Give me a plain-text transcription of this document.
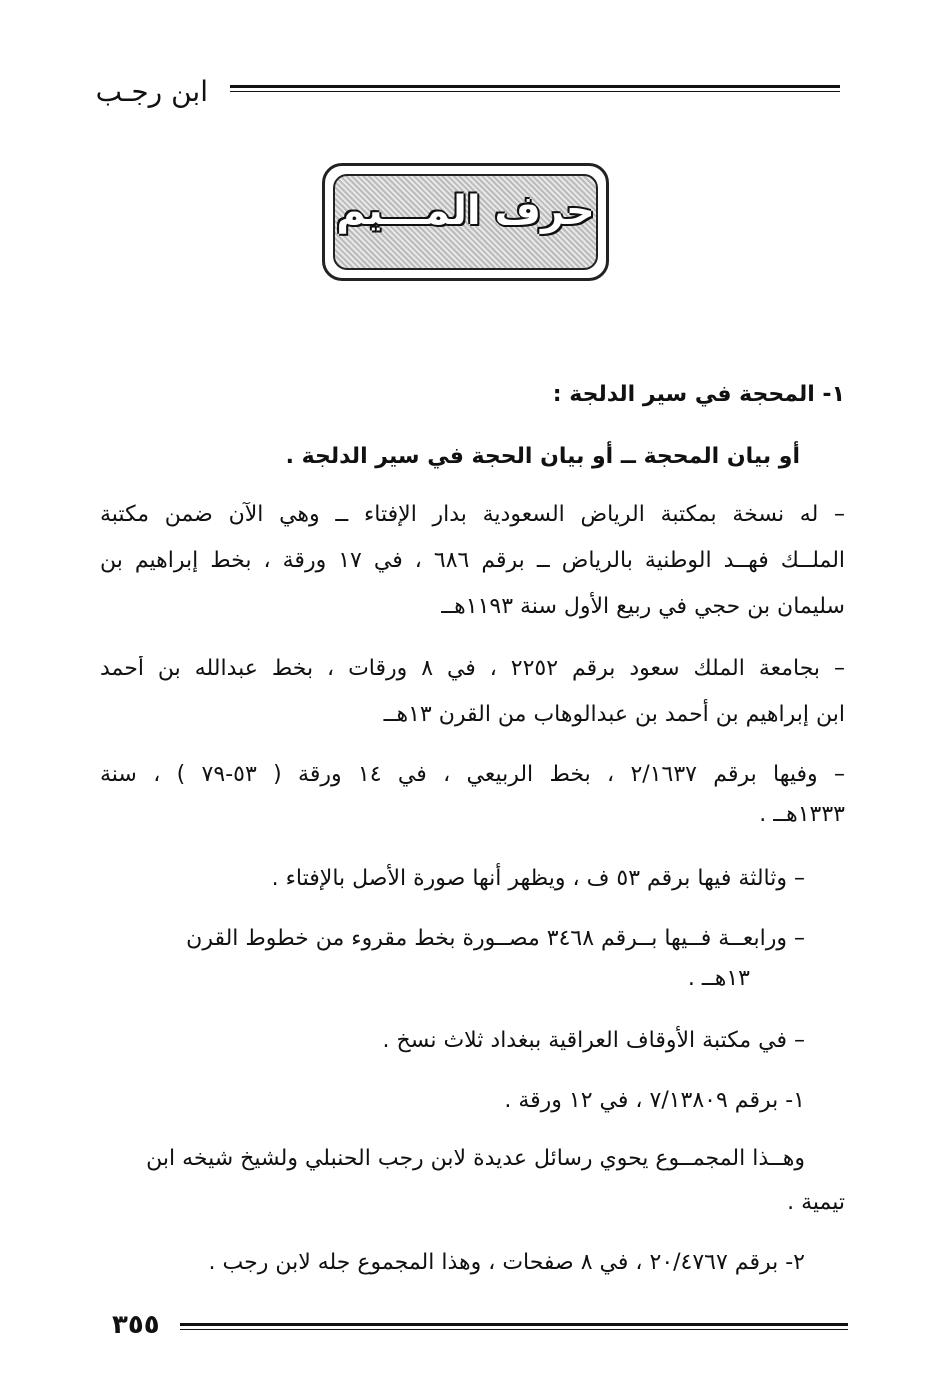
ابن رجـب
حرف المـــيم
١- المحجة في سير الدلجة :
أو بيان المحجة ــ أو بيان الحجة في سير الدلجة .
– له نسخة بمكتبة الرياض السعودية بدار الإفتاء ــ وهي الآن ضمن مكتبة
الملــك فهــد الوطنية بالرياض ــ برقم ٦٨٦ ، في ١٧ ورقة ، بخط إبراهيم بن
سليمان بن حجي في ربيع الأول سنة ١١٩٣هــ
– بجامعة الملك سعود برقم ٢٢٥٢ ، في ٨ ورقات ، بخط عبدالله بن أحمد
ابن إبراهيم بن أحمد بن عبدالوهاب من القرن ١٣هــ
– وفيها برقم ٢/١٦٣٧ ، بخط الربيعي ، في ١٤ ورقة ( ٥٣-٧٩ ) ، سنة
١٣٣٣هــ .
– وثالثة فيها برقم ٥٣ ف ، ويظهر أنها صورة الأصل بالإفتاء .
– ورابعــة فــيها بــرقم ٣٤٦٨ مصــورة بخط مقروء من خطوط القرن
١٣هــ .
– في مكتبة الأوقاف العراقية ببغداد ثلاث نسخ .
١- برقم ٧/١٣٨٠٩ ، في ١٢ ورقة .
وهــذا المجمــوع يحوي رسائل عديدة لابن رجب الحنبلي ولشيخ شيخه ابن
تيمية .
٢- برقم ٢٠/٤٧٦٧ ، في ٨ صفحات ، وهذا المجموع جله لابن رجب .
٣٥٥
